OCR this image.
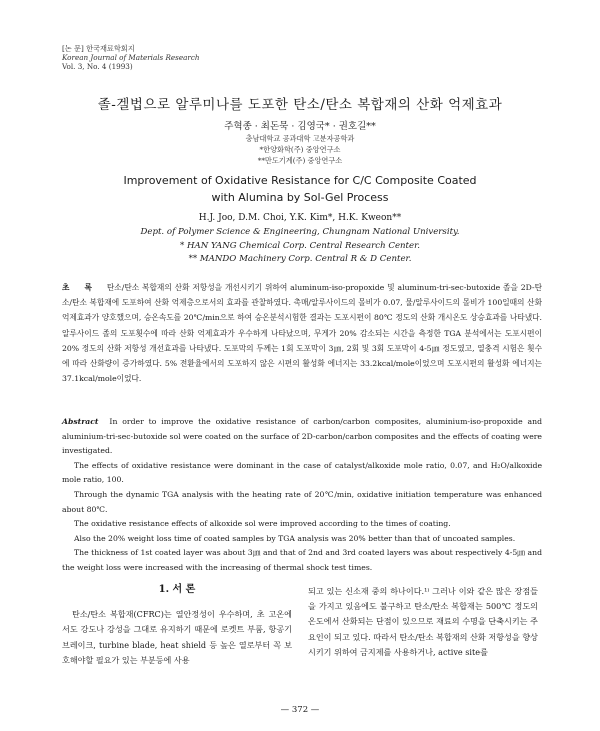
[논 문] 한국재료학회지
Korean Journal of Materials Research
Vol. 3, No. 4 (1993)
졸-겔법으로 알루미나를 도포한 탄소/탄소 복합재의 산화 억제효과
주혁종 · 최돈묵 · 김영국* · 권호길**
충남대학교 공과대학 고분자공학과
*한양화학(주) 중앙연구소
**만도기계(주) 중앙연구소
Improvement of Oxidative Resistance for C/C Composite Coated
with Alumina by Sol-Gel Process
H.J. Joo, D.M. Choi, Y.K. Kim*, H.K. Kweon**
Dept. of Polymer Science & Engineering, Chungnam National University.
* HAN YANG Chemical Corp. Central Research Center.
** MANDO Machinery Corp. Central R & D Center.
초 록 탄소/탄소 복합재의 산화 저항성을 개선시키기 위하여 aluminum-iso-propoxide 및 aluminum-tri-sec-butoxide 졸을 2D-탄소/탄소 복합재에 도포하여 산화 억제층으로서의 효과를 관찰하였다. 촉매/알루사이드의 몰비가 0.07, 물/알루사이드의 몰비가 100일때의 산화 억제효과가 양호했으며, 승온속도를 20℃/min으로 하여 승온분석시험한 결과는 도포시편이 80℃ 정도의 산화 개시온도 상승효과를 나타냈다. 알루사이드 졸의 도포횟수에 따라 산화 억제효과가 우수하게 나타났으며, 무게가 20% 감소되는 시간을 측정한 TGA 분석에서는 도포시편이 20% 정도의 산화 저항성 개선효과를 나타냈다. 도포막의 두께는 1회 도포막이 3㎛, 2회 및 3회 도포막이 4-5㎛ 정도였고, 열충격 시험은 횟수에 따라 산화량이 증가하였다. 5% 전환율에서의 도포하지 않은 시편의 활성화 에너지는 33.2kcal/mole이었으며 도포시편의 활성화 에너지는 37.1kcal/mole이었다.

Abstract In order to improve the oxidative resistance of carbon/carbon composites, aluminium-iso-propoxide and aluminium-tri-sec-butoxide sol were coated on the surface of 2D-carbon/carbon composites and the effects of coating were investigated.

The effects of oxidative resistance were dominant in the case of catalyst/alkoxide mole ratio, 0.07, and H₂O/alkoxide mole ratio, 100.

Through the dynamic TGA analysis with the heating rate of 20℃/min, oxidative initiation temperature was enhanced about 80℃.

The oxidative resistance effects of alkoxide sol were improved according to the times of coating.

Also the 20% weight loss time of coated samples by TGA analysis was 20% better than that of uncoated samples.

The thickness of 1st coated layer was about 3㎛ and that of 2nd and 3rd coated layers was about respectively 4-5㎛ and the weight loss were increased with the increasing of thermal shock test times.

1. 서 론

탄소/탄소 복합재(CFRC)는 열안정성이 우수하며, 초 고온에서도 강도나 강성을 그대로 유지하기 때문에 로켓트 부품, 항공기 브레이크, turbine blade, heat shield 등 높은 열로부터 꼭 보호해야할 필요가 있는 부분등에 사용

되고 있는 신소재 중의 하나이다.¹⁾ 그러나 이와 같은 많은 장점들을 가지고 있음에도 불구하고 탄소/탄소 복합재는 500℃ 정도의 온도에서 산화되는 단점이 있으므로 재료의 수명을 단축시키는 주 요인이 되고 있다. 따라서 탄소/탄소 복합재의 산화 저항성을 향상시키기 위하여 금지제를 사용하거나, active site를

— 372 —
